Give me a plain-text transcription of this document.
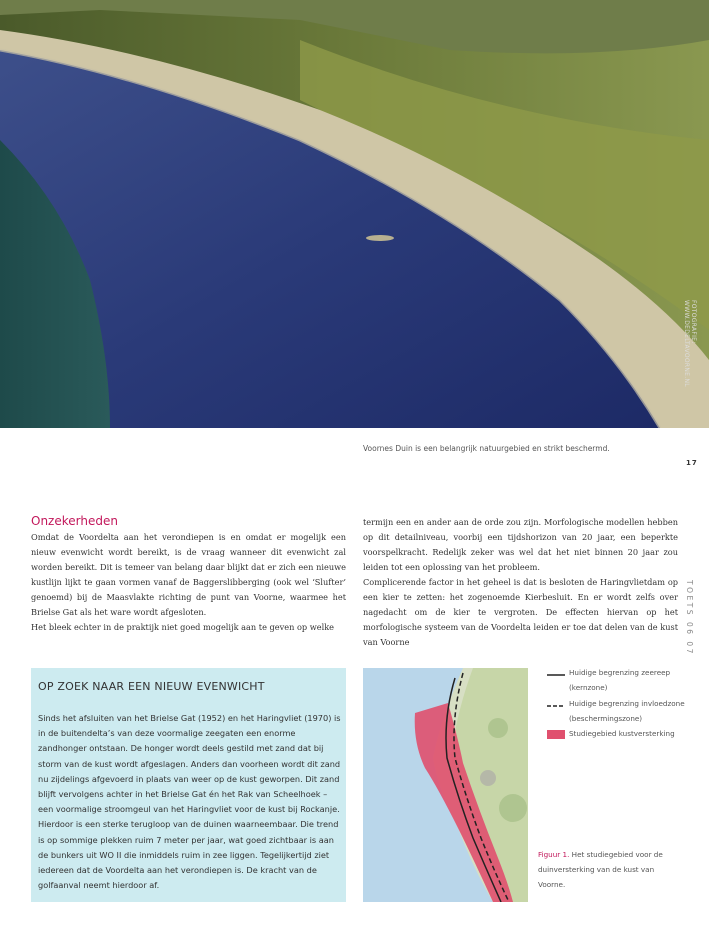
FOTOGRAFIE: WWW.DEDELTAVOORNE.NL
Voornes Duin is een belangrijk natuurgebied en strikt beschermd.
17
TOETS 06 07
Onzekerheden

Omdat de Voordelta aan het verondiepen is en omdat er mogelijk een nieuw evenwicht wordt bereikt, is de vraag wanneer dit evenwicht zal worden bereikt. Dit is temeer van belang daar blijkt dat er zich een nieuwe kustlijn lijkt te gaan vormen vanaf de Baggerslibberging (ook wel ‘Slufter’ genoemd) bij de Maasvlakte richting de punt van Voorne, waarmee het Brielse Gat als het ware wordt afgesloten.

Het bleek echter in de praktijk niet goed mogelijk aan te geven op welke

termijn een en ander aan de orde zou zijn. Morfologische modellen hebben op dit detailniveau, voorbij een tijdshorizon van 20 jaar, een beperkte voorspelkracht. Redelijk zeker was wel dat het niet binnen 20 jaar zou leiden tot een oplossing van het probleem.

Complicerende factor in het geheel is dat is besloten de Haringvlietdam op een kier te zetten: het zogenoemde Kierbesluit. En er wordt zelfs over nagedacht om de kier te vergroten. De effecten hiervan op het morfologische systeem van de Voordelta leiden er toe dat delen van de kust van Voorne

OP ZOEK NAAR EEN NIEUW EVENWICHT
Sinds het afsluiten van het Brielse Gat (1952) en het Haringvliet (1970) is in de buitendelta’s van deze voormalige zeegaten een enorme zandhonger ontstaan. De honger wordt deels gestild met zand dat bij storm van de kust wordt afgeslagen. Anders dan voorheen wordt dit zand nu zijdelings afgevoerd in plaats van weer op de kust geworpen. Dit zand blijft vervolgens achter in het Brielse Gat én het Rak van Scheelhoek – een voormalige stroomgeul van het Haringvliet voor de kust bij Rockanje. Hierdoor is een sterke terugloop van de duinen waarneembaar. Die trend is op sommige plekken ruim 7 meter per jaar, wat goed zichtbaar is aan de bunkers uit WO II die inmiddels ruim in zee liggen. Tegelijkertijd ziet iedereen dat de Voordelta aan het verondiepen is. De kracht van de golfaanval neemt hierdoor af.
Huidige begrenzing zeereep
(kernzone)
Huidige begrenzing invloedzone
(beschermingszone)
Studiegebied kustversterking
Figuur 1. Het studiegebied voor de duinversterking van de kust van Voorne.
